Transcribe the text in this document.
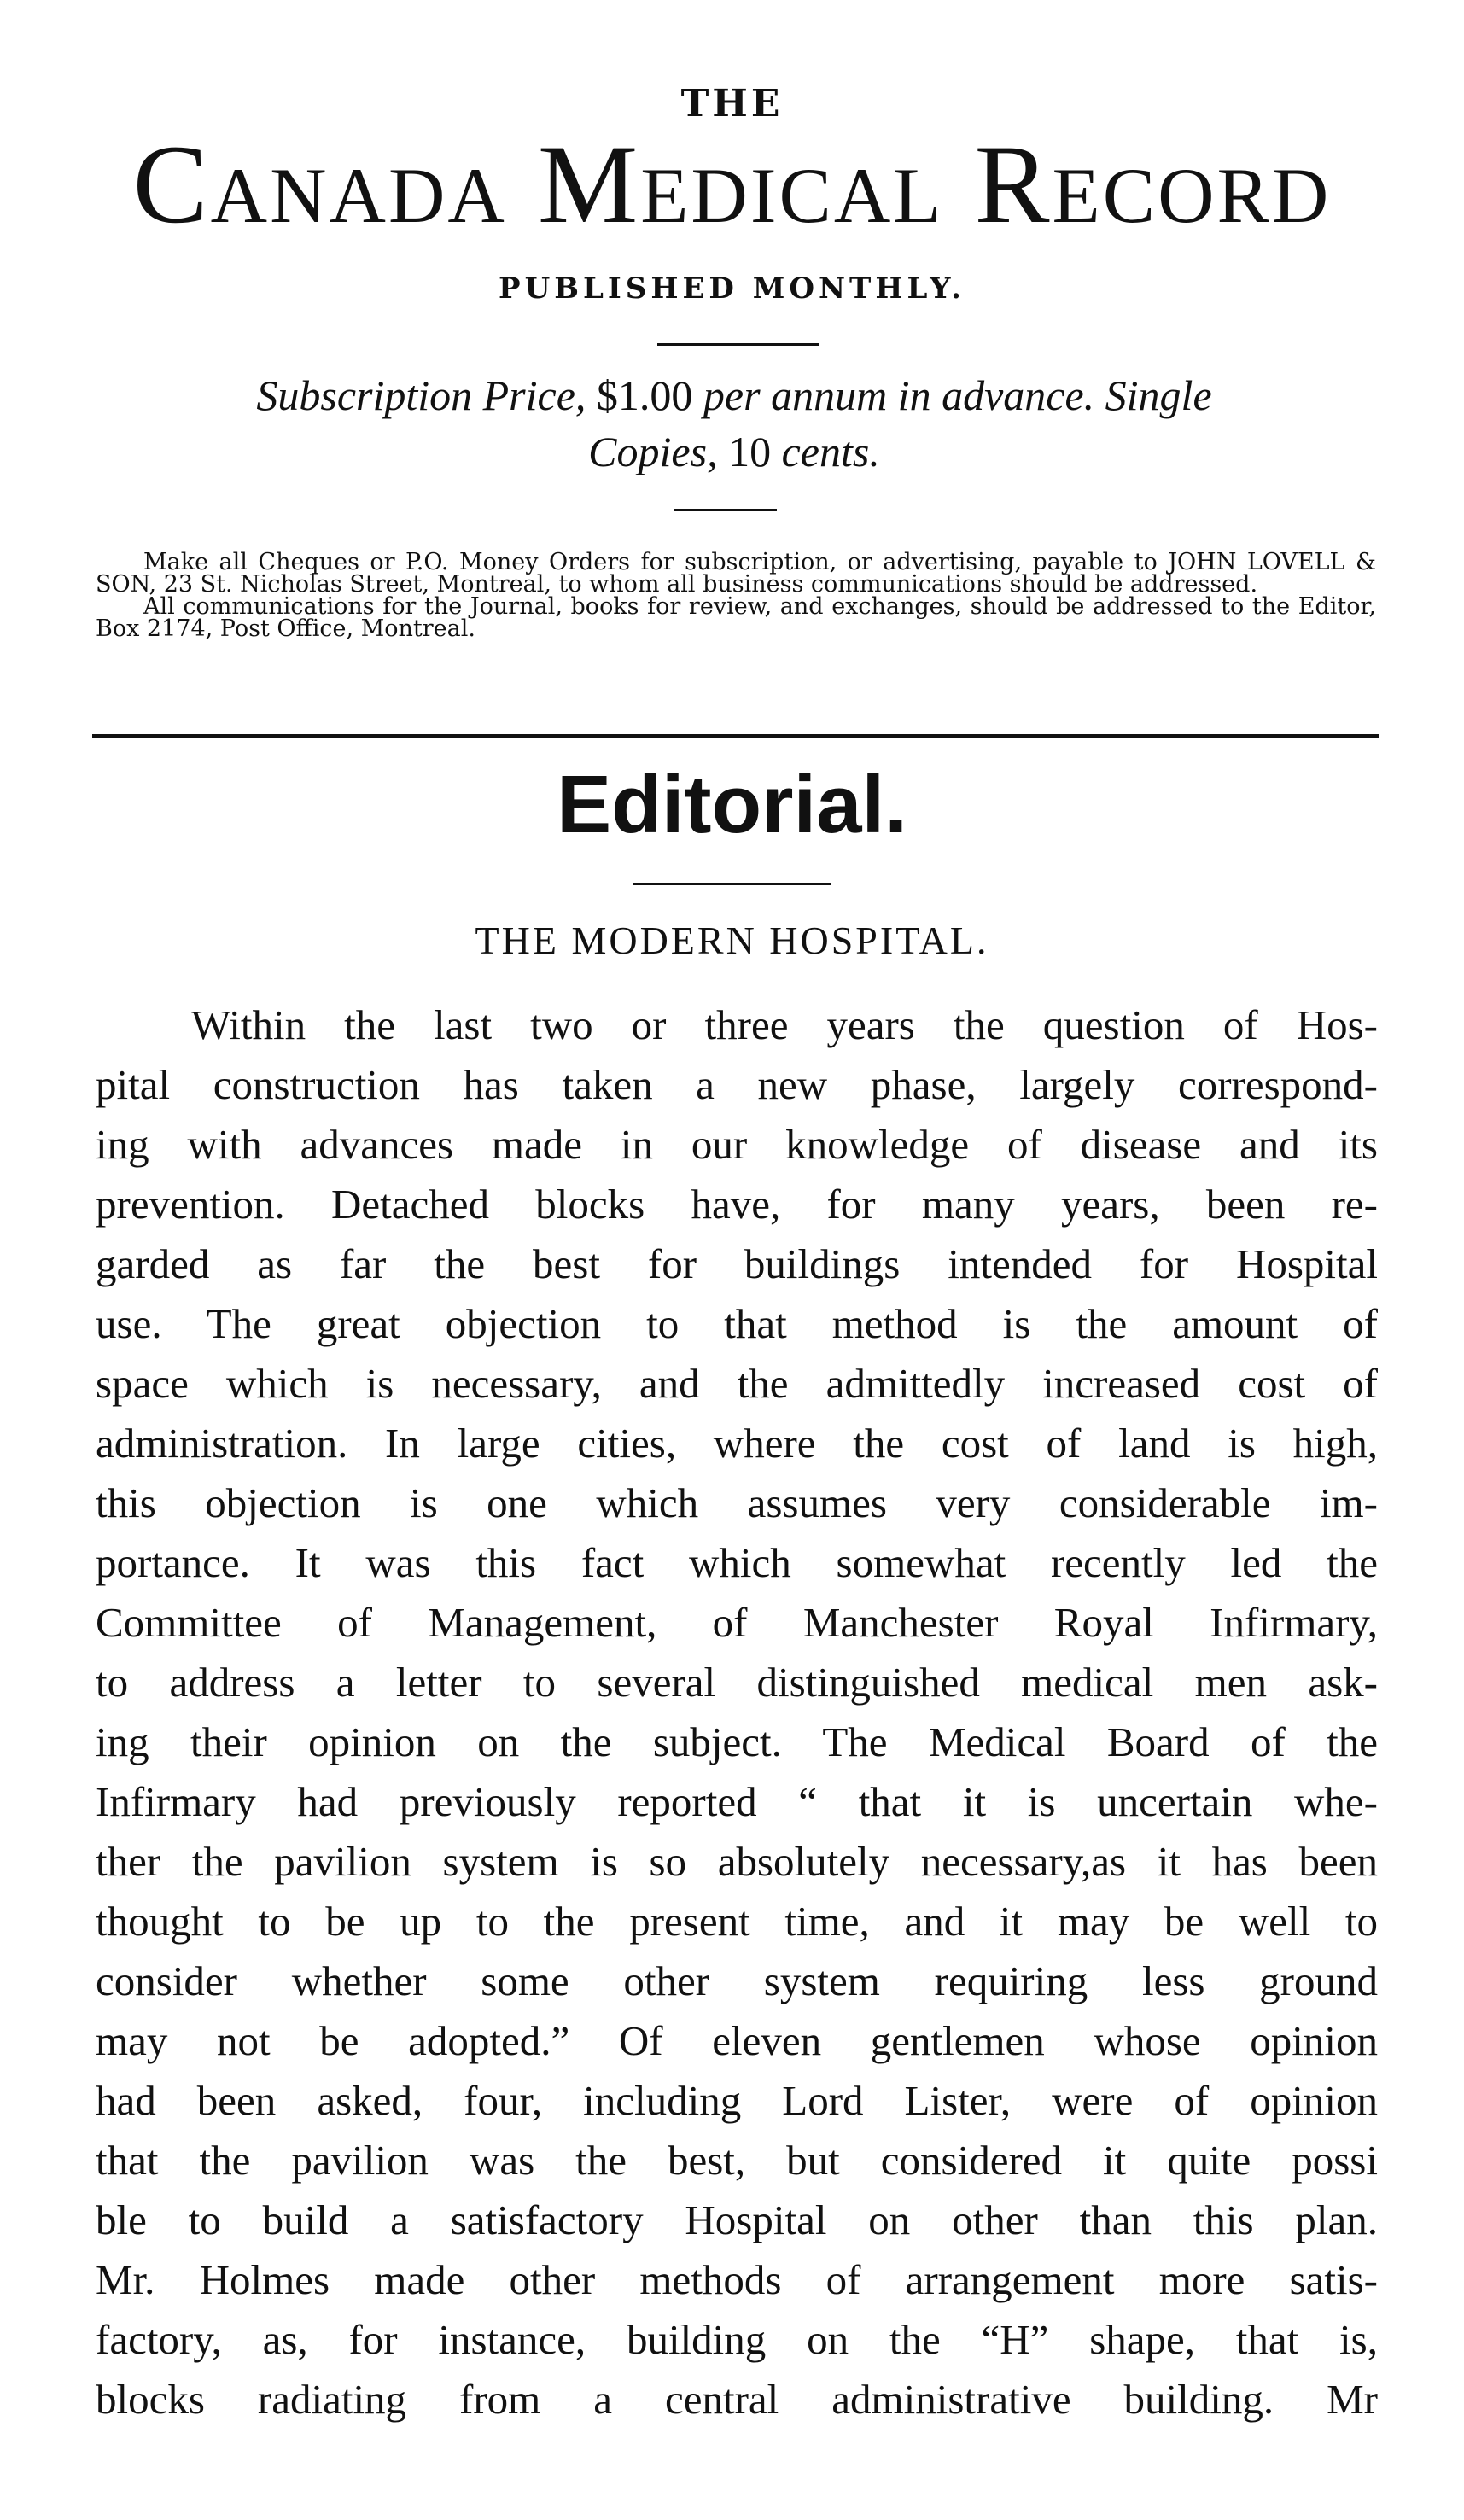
THE
Canada Medical Record
PUBLISHED MONTHLY.
Subscription Price, $1.00 per annum in advance. Single
Copies, 10 cents.

Make all Cheques or P.O. Money Orders for subscription, or advertising, payable to JOHN LOVELL & SON, 23 St. Nicholas Street, Montreal, to whom all business communications should be addressed.

All communications for the Journal, books for review, and exchanges, should be addressed to the Editor, Box 2174, Post Office, Montreal.

Editorial.
THE MODERN HOSPITAL.
Within the last two or three years the question of Hos-
pital construction has taken a new phase, largely correspond-
ing with advances made in our knowledge of disease and its
prevention. Detached blocks have, for many years, been re-
garded as far the best for buildings intended for Hospital
use. The great objection to that method is the amount of
space which is necessary, and the admittedly increased cost of
administration. In large cities, where the cost of land is high,
this objection is one which assumes very considerable im-
portance. It was this fact which somewhat recently led the
Committee of Management, of Manchester Royal Infirmary,
to address a letter to several distinguished medical men ask-
ing their opinion on the subject. The Medical Board of the
Infirmary had previously reported “ that it is uncertain whe-
ther the pavilion system is so absolutely necessary,as it has been
thought to be up to the present time, and it may be well to
consider whether some other system requiring less ground
may not be adopted.” Of eleven gentlemen whose opinion
had been asked, four, including Lord Lister, were of opinion
that the pavilion was the best, but considered it quite possi
ble to build a satisfactory Hospital on other than this plan.
Mr. Holmes made other methods of arrangement more satis-
factory, as, for instance, building on the “H” shape, that is,
blocks radiating from a central administrative building. Mr
